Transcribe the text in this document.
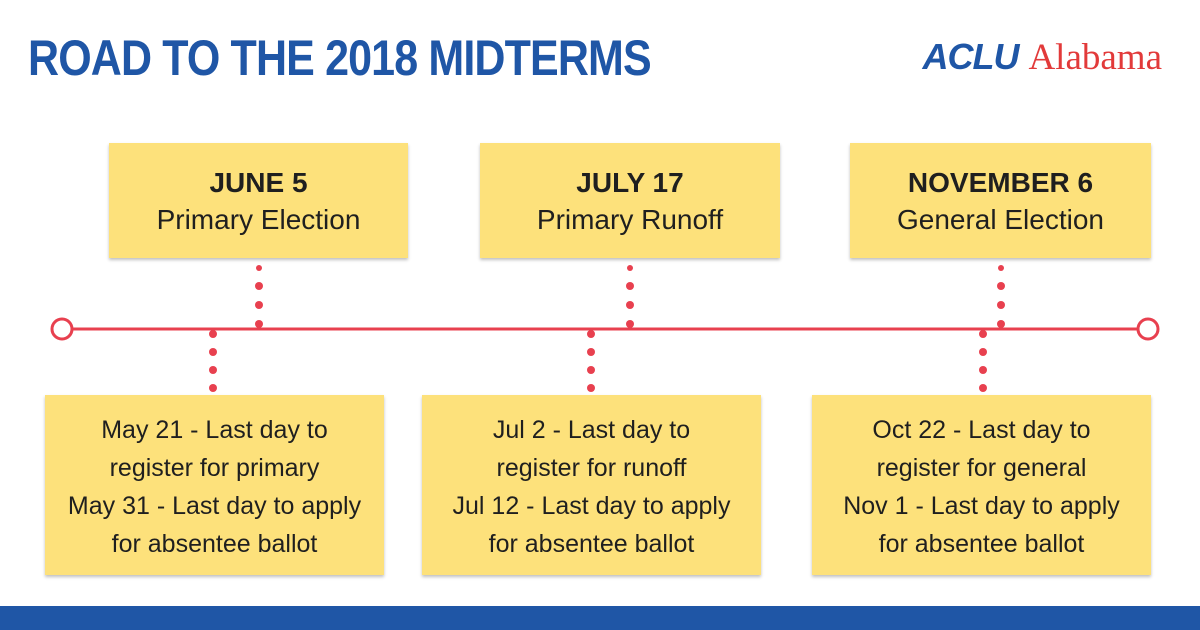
ROAD TO THE 2018 MIDTERMS	ACLU Alabama
JUNE 5
Primary Election
JULY 17
Primary Runoff
NOVEMBER 6
General Election
May 21 - Last day to
register for primary
May 31 - Last day to apply
for absentee ballot
Jul 2 - Last day to
register for runoff
Jul 12 - Last day to apply
for absentee ballot
Oct 22 - Last day to
register for general
Nov 1 - Last day to apply
for absentee ballot
